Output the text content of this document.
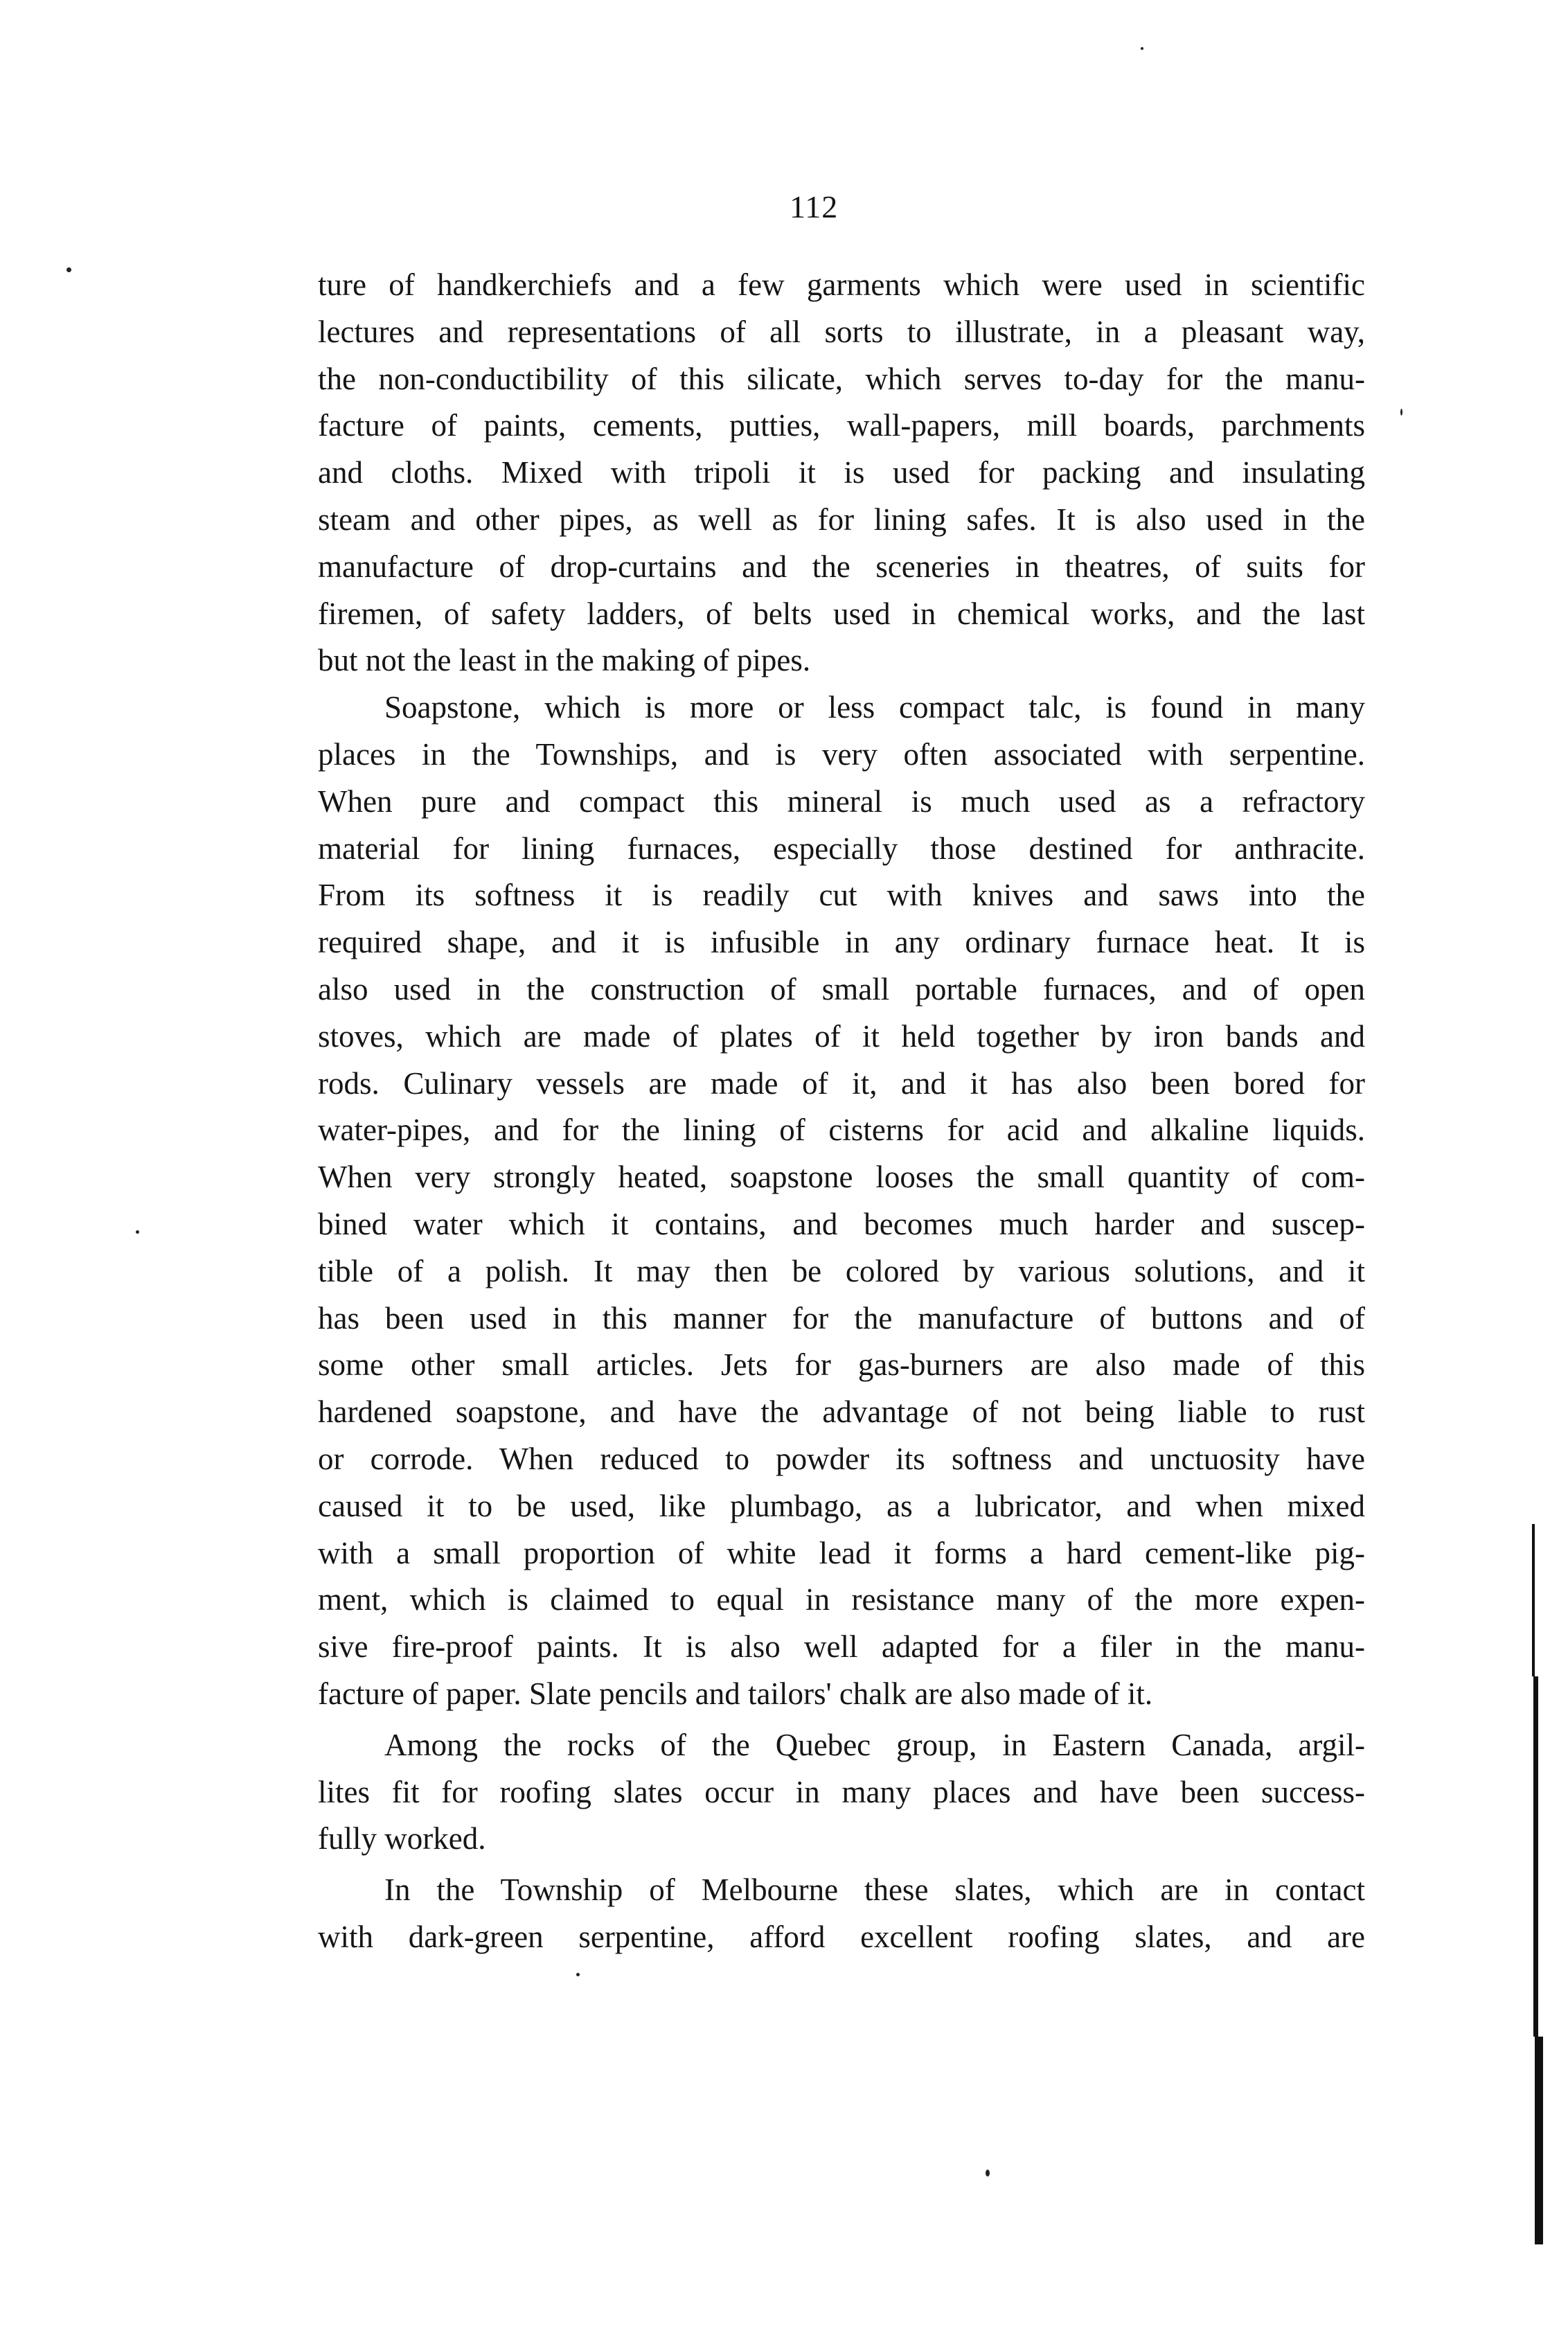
112
ture of handkerchiefs and a few garments which were used in scientific
lectures and representations of all sorts to illustrate, in a pleasant way,
the non-conductibility of this silicate, which serves to-day for the manu-
facture of paints, cements, putties, wall-papers, mill boards, parchments
and cloths. Mixed with tripoli it is used for packing and insulating
steam and other pipes, as well as for lining safes. It is also used in the
manufacture of drop-curtains and the sceneries in theatres, of suits for
firemen, of safety ladders, of belts used in chemical works, and the last
but not the least in the making of pipes.
Soapstone, which is more or less compact talc, is found in many
places in the Townships, and is very often associated with serpentine.
When pure and compact this mineral is much used as a refractory
material for lining furnaces, especially those destined for anthracite.
From its softness it is readily cut with knives and saws into the
required shape, and it is infusible in any ordinary furnace heat. It is
also used in the construction of small portable furnaces, and of open
stoves, which are made of plates of it held together by iron bands and
rods. Culinary vessels are made of it, and it has also been bored for
water-pipes, and for the lining of cisterns for acid and alkaline liquids.
When very strongly heated, soapstone looses the small quantity of com-
bined water which it contains, and becomes much harder and suscep-
tible of a polish. It may then be colored by various solutions, and it
has been used in this manner for the manufacture of buttons and of
some other small articles. Jets for gas-burners are also made of this
hardened soapstone, and have the advantage of not being liable to rust
or corrode. When reduced to powder its softness and unctuosity have
caused it to be used, like plumbago, as a lubricator, and when mixed
with a small proportion of white lead it forms a hard cement-like pig-
ment, which is claimed to equal in resistance many of the more expen-
sive fire-proof paints. It is also well adapted for a filer in the manu-
facture of paper. Slate pencils and tailors' chalk are also made of it.
Among the rocks of the Quebec group, in Eastern Canada, argil-
lites fit for roofing slates occur in many places and have been success-
fully worked.
In the Township of Melbourne these slates, which are in contact
with dark-green serpentine, afford excellent roofing slates, and are
